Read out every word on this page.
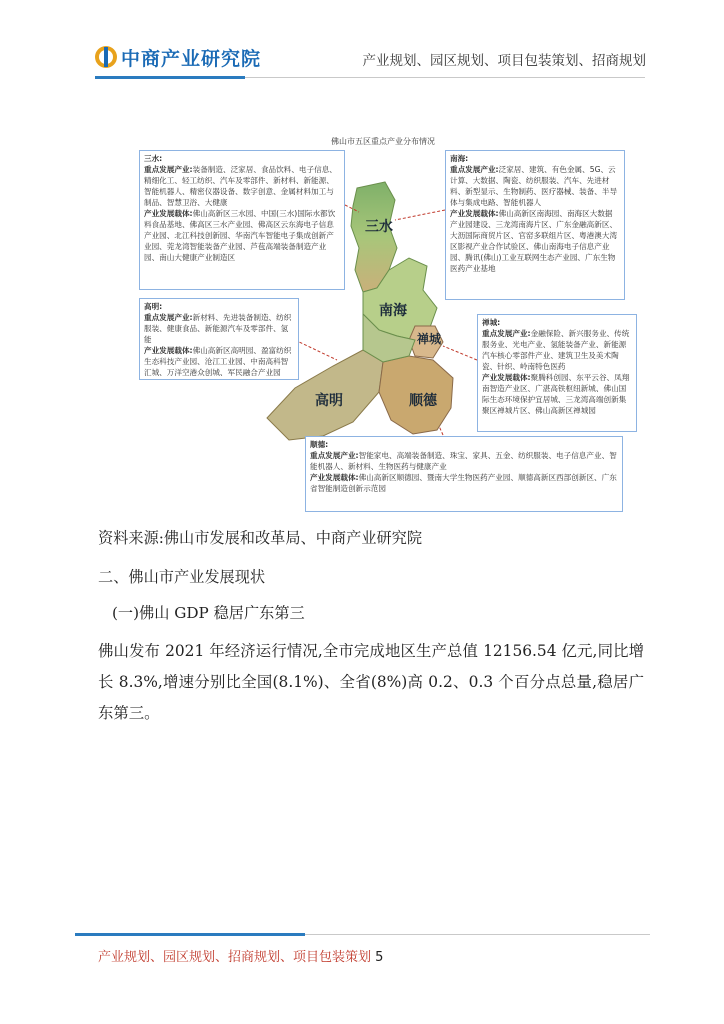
中商产业研究院	产业规划、园区规划、项目包装策划、招商规划
佛山市五区重点产业分布情况
三水
南海
禅城
高明	顺德
三水:
重点发展产业:装备制造、泛家居、食品饮料、电子信息、精细化工、轻工纺织、汽车及零部件、新材料、新能源、智能机器人、精密仪器设备、数字创意、金属材料加工与制品、智慧卫浴、大健康
产业发展载体:佛山高新区三水园、中国(三水)国际水都饮料食品基地、佛高区三水产业园、佛高区云东海电子信息产业园、北江科技创新园、华南汽车智能电子集成创新产业园、莞龙湾智能装备产业园、芦苞高端装备制造产业园、南山大健康产业制造区
南海:
重点发展产业:泛家居、建筑、有色金属、5G、云计算、大数据、陶瓷、纺织服装、汽车、先进材料、新型显示、生物制药、医疗器械、装备、半导体与集成电路、智能机器人
产业发展载体:佛山高新区南海园、南海区大数据产业园建设、三龙湾南海片区、广东金融高新区、大沥国际商贸片区、官窑多联组片区、粤港澳大湾区影视产业合作试验区、佛山南海电子信息产业园、腾讯(佛山)工业互联网生态产业园、广东生物医药产业基地
高明:
重点发展产业:新材料、先进装备制造、纺织服装、健康食品、新能源汽车及零部件、氢能
产业发展载体:佛山高新区高明园、盈富纺织生态科技产业园、沧江工业园、中南高科智汇城、万洋空港众创城、军民融合产业园
禅城:
重点发展产业:金融保险、新兴服务业、传统服务业、光电产业、氢能装备产业、新能源汽车核心零部件产业、建筑卫生及美术陶瓷、针织、岭南特色医药
产业发展载体:聚腾科创园、东平云谷、凤翔南智造产业区、广湛高铁枢纽新城、佛山国际生态环境保护宜居城、三龙湾高端创新集聚区禅城片区、佛山高新区禅城园
顺德:
重点发展产业:智能家电、高端装备制造、珠宝、家具、五金、纺织服装、电子信息产业、智能机器人、新材料、生物医药与健康产业
产业发展载体:佛山高新区顺德园、暨南大学生物医药产业园、顺德高新区西部创新区、广东省智能制造创新示范园
资料来源:佛山市发展和改革局、中商产业研究院
二、佛山市产业发展现状
(一)佛山 GDP 稳居广东第三
佛山发布 2021 年经济运行情况,全市完成地区生产总值 12156.54 亿元,同比增长 8.3%,增速分别比全国(8.1%)、全省(8%)高 0.2、0.3 个百分点总量,稳居广东第三。
产业规划、园区规划、招商规划、项目包装策划 5
